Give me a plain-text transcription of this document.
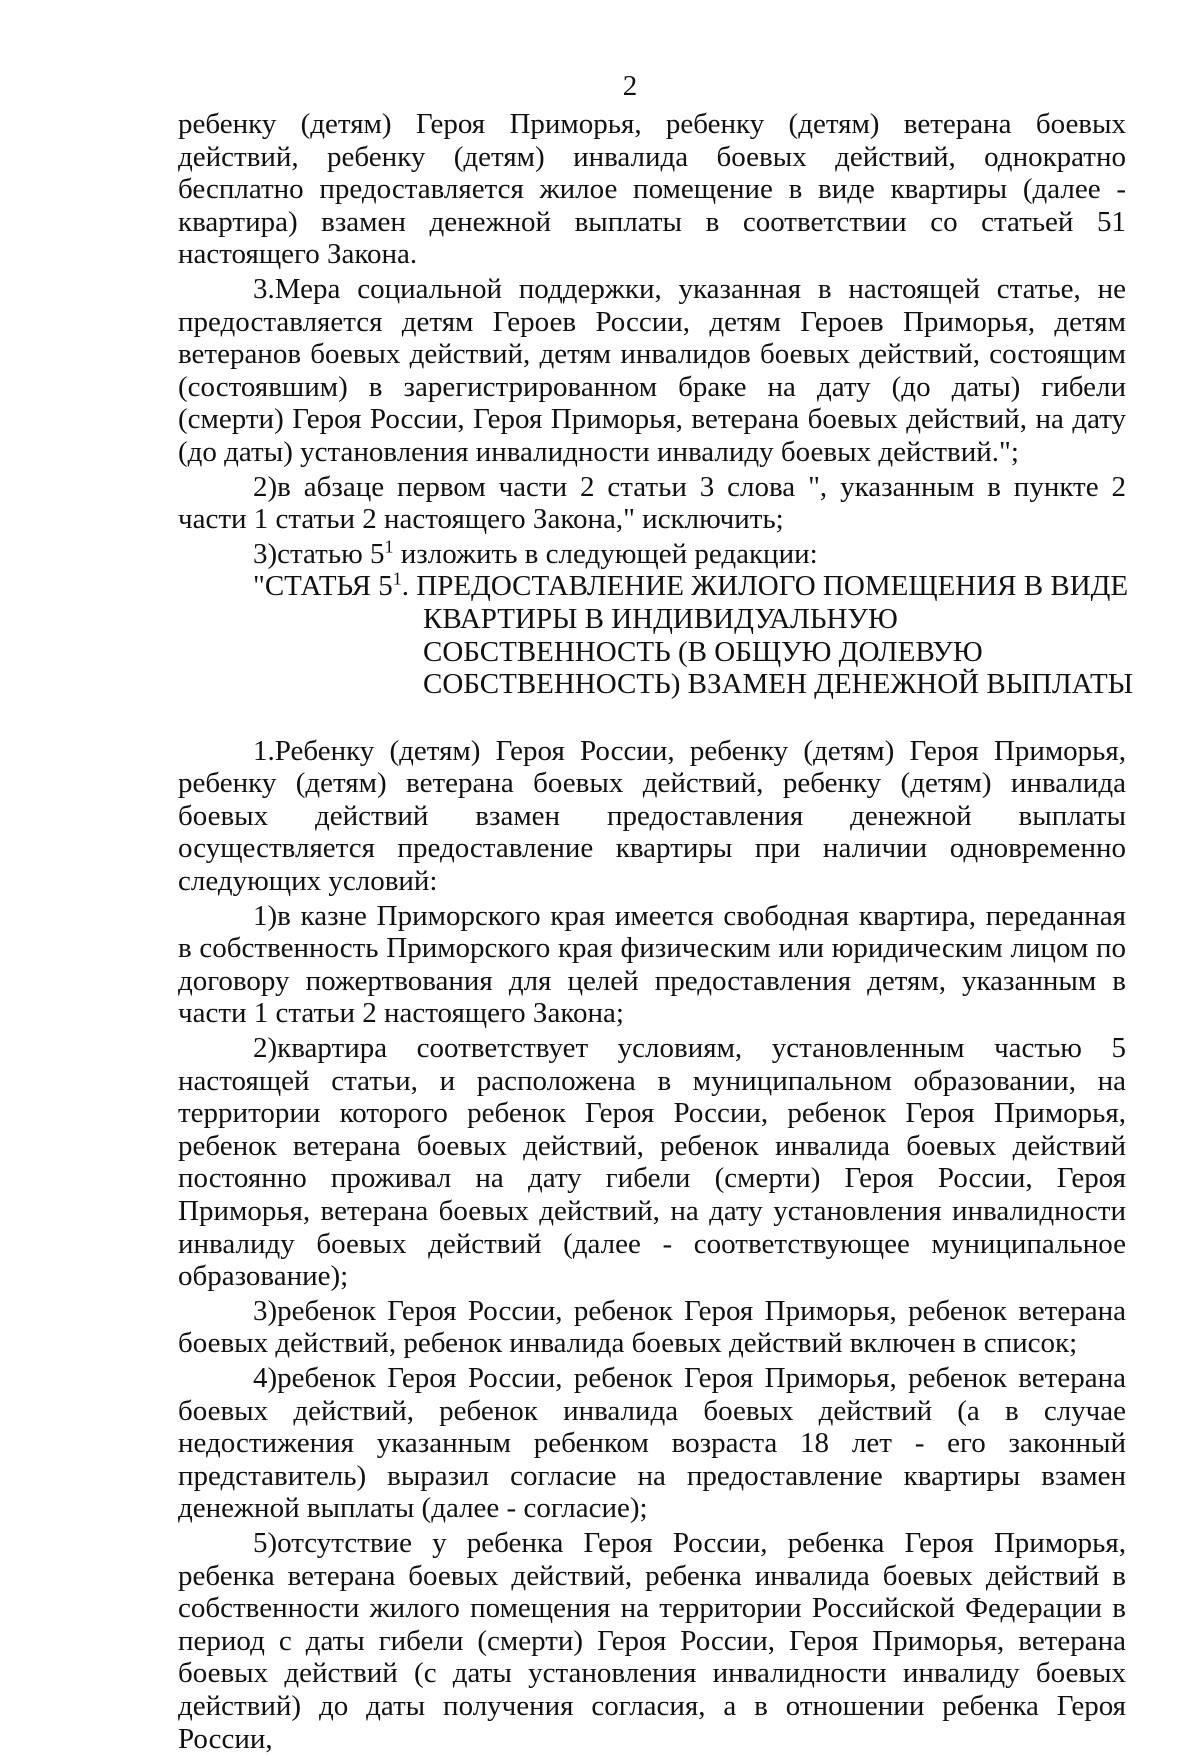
2

ребенку (детям) Героя Приморья, ребенку (детям) ветерана боевых действий, ребенку (детям) инвалида боевых действий, однократно бесплатно предоставляется жилое помещение в виде квартиры (далее - квартира) взамен денежной выплаты в соответствии со статьей 51 настоящего Закона.

3.Мера социальной поддержки, указанная в настоящей статье, не предоставляется детям Героев России, детям Героев Приморья, детям ветеранов боевых действий, детям инвалидов боевых действий, состоящим (состоявшим) в зарегистрированном браке на дату (до даты) гибели (смерти) Героя России, Героя Приморья, ветерана боевых действий, на дату (до даты) установления инвалидности инвалиду боевых действий.";

2)в абзаце первом части 2 статьи 3 слова ", указанным в пункте 2 части 1 статьи 2 настоящего Закона," исключить;

3)статью $5^1$ изложить в следующей редакции:

"СТАТЬЯ $5^1$. ПРЕДОСТАВЛЕНИЕ ЖИЛОГО ПОМЕЩЕНИЯ В ВИДЕ
КВАРТИРЫ В ИНДИВИДУАЛЬНУЮ
СОБСТВЕННОСТЬ (В ОБЩУЮ ДОЛЕВУЮ
СОБСТВЕННОСТЬ) ВЗАМЕН ДЕНЕЖНОЙ ВЫПЛАТЫ

1.Ребенку (детям) Героя России, ребенку (детям) Героя Приморья, ребенку (детям) ветерана боевых действий, ребенку (детям) инвалида боевых действий взамен предоставления денежной выплаты осуществляется предоставление квартиры при наличии одновременно следующих условий:

1)в казне Приморского края имеется свободная квартира, переданная в собственность Приморского края физическим или юридическим лицом по договору пожертвования для целей предоставления детям, указанным в части 1 статьи 2 настоящего Закона;

2)квартира соответствует условиям, установленным частью 5 настоящей статьи, и расположена в муниципальном образовании, на территории которого ребенок Героя России, ребенок Героя Приморья, ребенок ветерана боевых действий, ребенок инвалида боевых действий постоянно проживал на дату гибели (смерти) Героя России, Героя Приморья, ветерана боевых действий, на дату установления инвалидности инвалиду боевых действий (далее - соответствующее муниципальное образование);

3)ребенок Героя России, ребенок Героя Приморья, ребенок ветерана боевых действий, ребенок инвалида боевых действий включен в список;

4)ребенок Героя России, ребенок Героя Приморья, ребенок ветерана боевых действий, ребенок инвалида боевых действий (а в случае недостижения указанным ребенком возраста 18 лет - его законный представитель) выразил согласие на предоставление квартиры взамен денежной выплаты (далее - согласие);

5)отсутствие у ребенка Героя России, ребенка Героя Приморья, ребенка ветерана боевых действий, ребенка инвалида боевых действий в собственности жилого помещения на территории Российской Федерации в период с даты гибели (смерти) Героя России, Героя Приморья, ветерана боевых действий (с даты установления инвалидности инвалиду боевых действий) до даты получения согласия, а в отношении ребенка Героя России,
